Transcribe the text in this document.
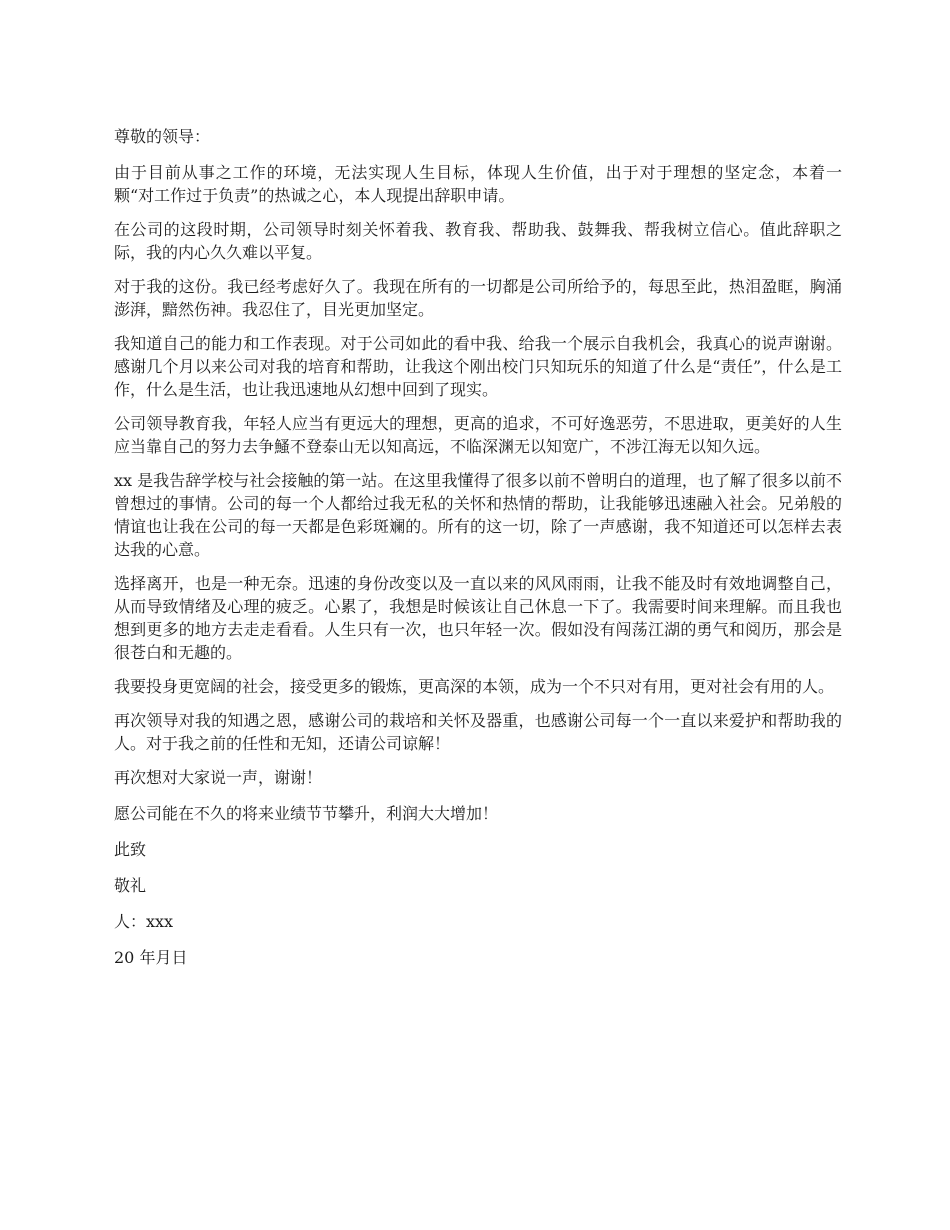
尊敬的领导：

由于目前从事之工作的环境，无法实现人生目标，体现人生价值，出于对于理想的坚定念，本着一颗“对工作过于负责”的热诚之心，本人现提出辞职申请。

在公司的这段时期，公司领导时刻关怀着我、教育我、帮助我、鼓舞我、帮我树立信心。值此辞职之际，我的内心久久难以平复。

对于我的这份。我已经考虑好久了。我现在所有的一切都是公司所给予的，每思至此，热泪盈眶，胸涌澎湃，黯然伤神。我忍住了，目光更加坚定。

我知道自己的能力和工作表现。对于公司如此的看中我、给我一个展示自我机会，我真心的说声谢谢。感谢几个月以来公司对我的培育和帮助，让我这个刚出校门只知玩乐的知道了什么是“责任”，什么是工作，什么是生活，也让我迅速地从幻想中回到了现实。

公司领导教育我，年轻人应当有更远大的理想，更高的追求，不可好逸恶劳，不思进取，更美好的人生应当靠自己的努力去争鰠不登泰山无以知高远，不临深渊无以知宽广，不涉江海无以知久远。

xx 是我告辞学校与社会接触的第一站。在这里我懂得了很多以前不曾明白的道理，也了解了很多以前不曾想过的事情。公司的每一个人都给过我无私的关怀和热情的帮助，让我能够迅速融入社会。兄弟般的情谊也让我在公司的每一天都是色彩斑斓的。所有的这一切，除了一声感谢，我不知道还可以怎样去表达我的心意。

选择离开，也是一种无奈。迅速的身份改变以及一直以来的风风雨雨，让我不能及时有效地调整自己，从而导致情绪及心理的疲乏。心累了，我想是时候该让自己休息一下了。我需要时间来理解。而且我也想到更多的地方去走走看看。人生只有一次，也只年轻一次。假如没有闯荡江湖的勇气和阅历，那会是很苍白和无趣的。

我要投身更宽阔的社会，接受更多的锻炼，更高深的本领，成为一个不只对有用，更对社会有用的人。

再次领导对我的知遇之恩，感谢公司的栽培和关怀及器重，也感谢公司每一个一直以来爱护和帮助我的人。对于我之前的任性和无知，还请公司谅解！

再次想对大家说一声，谢谢！

愿公司能在不久的将来业绩节节攀升，利润大大增加！

此致

敬礼

人：xxx

20 年月日
